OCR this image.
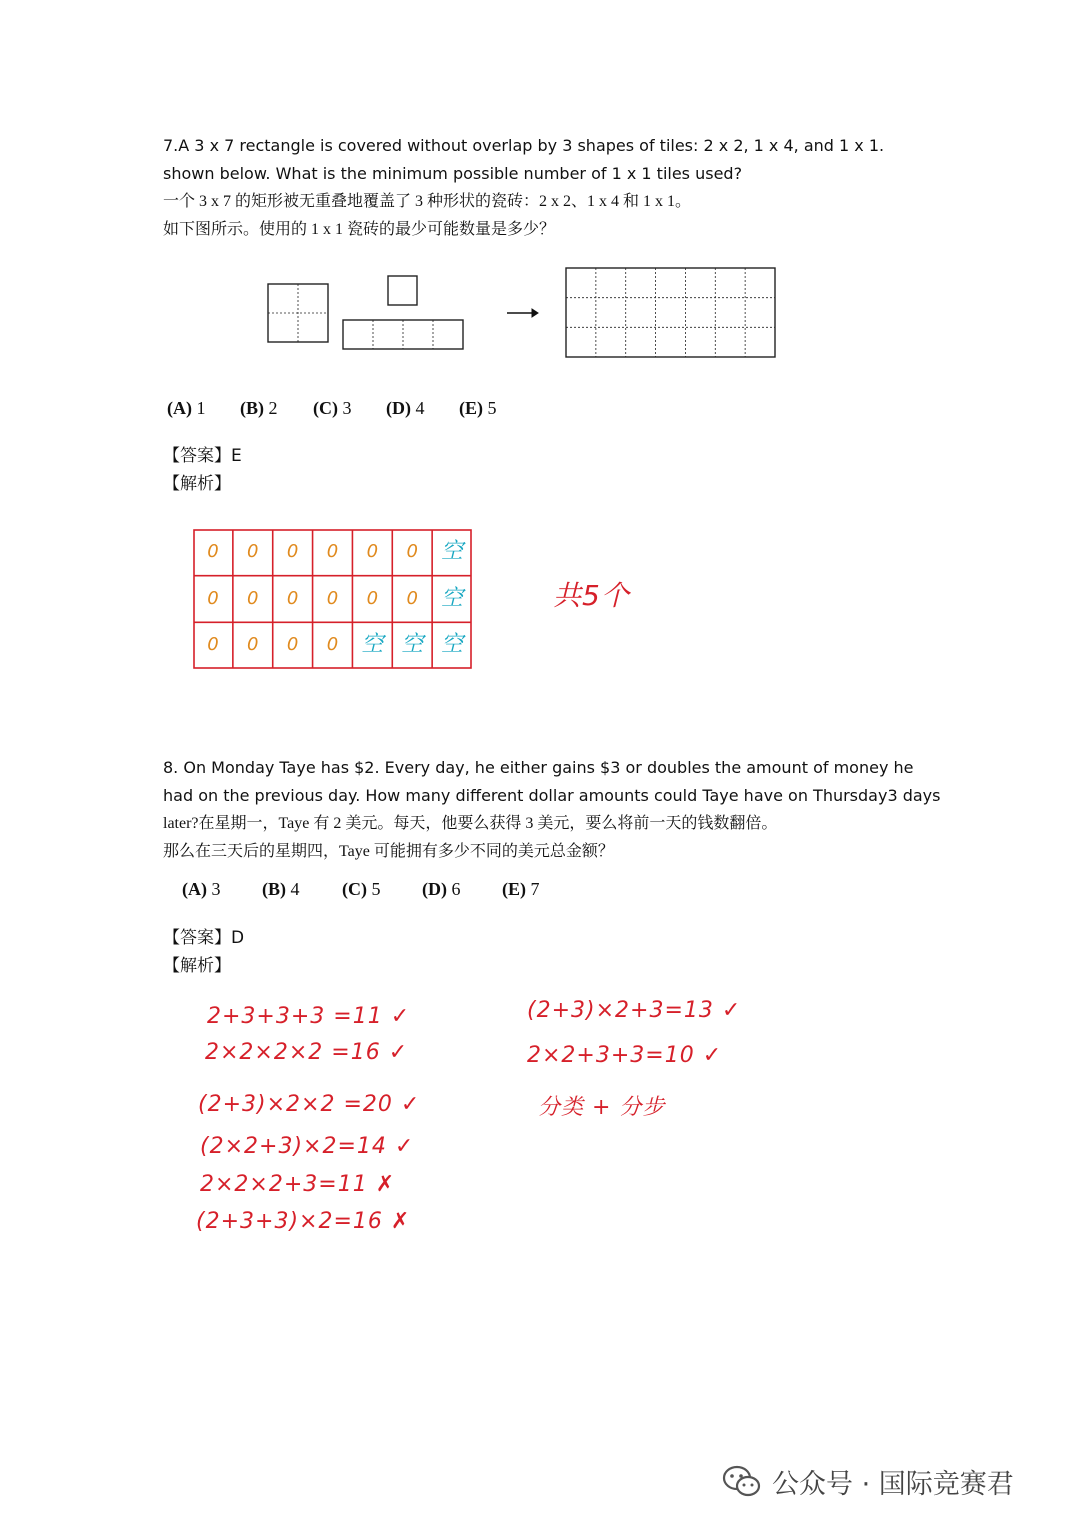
7.A 3 x 7 rectangle is covered without overlap by 3 shapes of tiles: 2 x 2, 1 x 4, and 1 x 1.
shown below. What is the minimum possible number of 1 x 1 tiles used?
一个 3 x 7 的矩形被无重叠地覆盖了 3 种形状的瓷砖：2 x 2、1 x 4 和 1 x 1。
如下图所示。使用的 1 x 1 瓷砖的最少可能数量是多少？
(A) 1	(B) 2	(C) 3	(D) 4	(E) 5
【答案】E
【解析】
0	0	0	0	0	0	空
0	0	0	0	0	0	空
0	0	0	0	空 空 空
共5个
8. On Monday Taye has $2. Every day, he either gains $3 or doubles the amount of money he
had on the previous day. How many different dollar amounts could Taye have on Thursday3 days
later?在星期一，Taye 有 2 美元。每天，他要么获得 3 美元，要么将前一天的钱数翻倍。
那么在三天后的星期四，Taye 可能拥有多少不同的美元总金额？
(A) 3	(B) 4	(C) 5	(D) 6	(E) 7
【答案】D
【解析】
2+3+3+3 =11 ✓
2×2×2×2 =16 ✓
(2+3)×2×2 =20 ✓
(2×2+3)×2=14 ✓
2×2×2+3=11 ✗
(2+3+3)×2=16 ✗
(2+3)×2+3=13 ✓
2×2+3+3=10 ✓
分类 + 分步
公众号 · 国际竞赛君
